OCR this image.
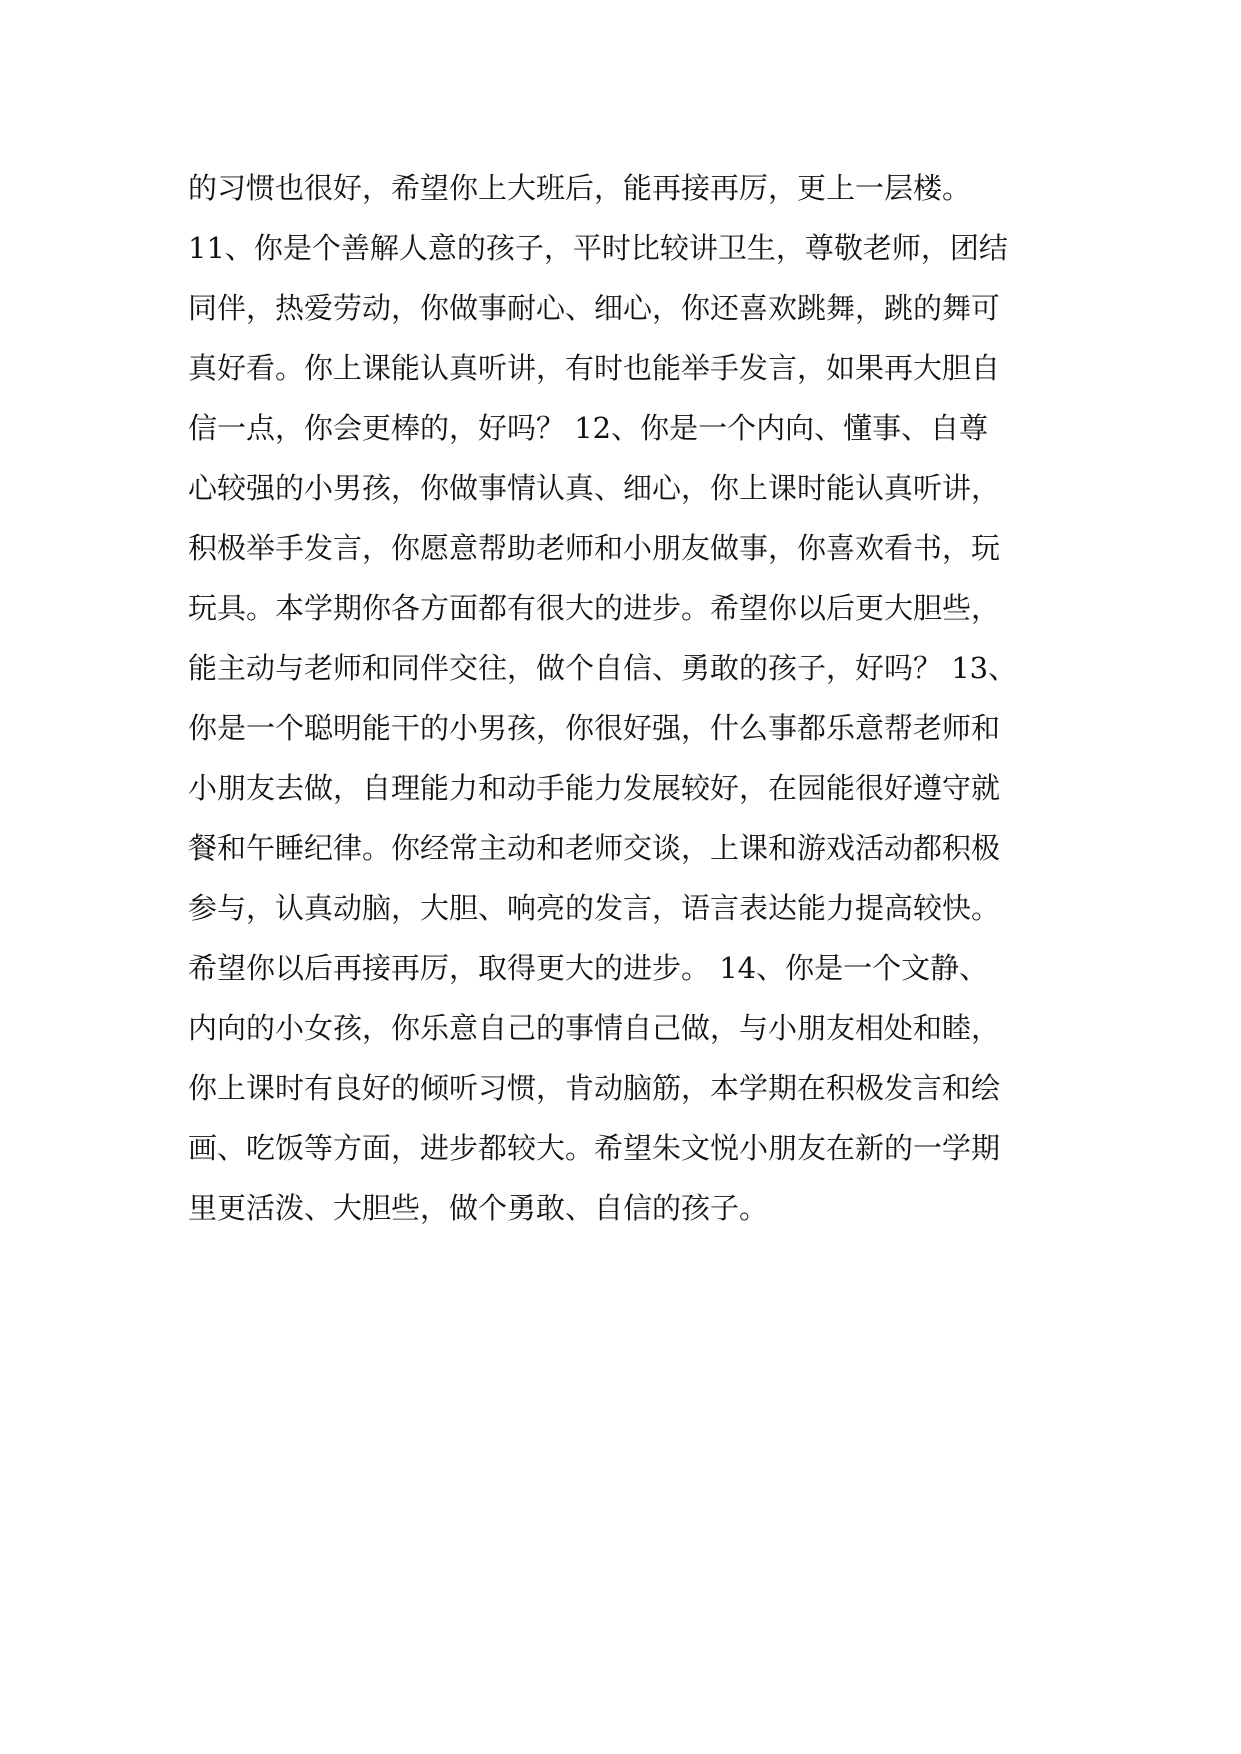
的习惯也很好，希望你上大班后，能再接再厉，更上一层楼。
11、你是个善解人意的孩子，平时比较讲卫生，尊敬老师，团结
同伴，热爱劳动，你做事耐心、细心，你还喜欢跳舞，跳的舞可
真好看。你上课能认真听讲，有时也能举手发言，如果再大胆自
信一点，你会更棒的，好吗？ 12、你是一个内向、懂事、自尊
心较强的小男孩，你做事情认真、细心，你上课时能认真听讲，
积极举手发言，你愿意帮助老师和小朋友做事，你喜欢看书，玩
玩具。本学期你各方面都有很大的进步。希望你以后更大胆些，
能主动与老师和同伴交往，做个自信、勇敢的孩子，好吗？ 13、
你是一个聪明能干的小男孩，你很好强，什么事都乐意帮老师和
小朋友去做，自理能力和动手能力发展较好，在园能很好遵守就
餐和午睡纪律。你经常主动和老师交谈，上课和游戏活动都积极
参与，认真动脑，大胆、响亮的发言，语言表达能力提高较快。
希望你以后再接再厉，取得更大的进步。 14、你是一个文静、
内向的小女孩，你乐意自己的事情自己做，与小朋友相处和睦，
你上课时有良好的倾听习惯，肯动脑筋，本学期在积极发言和绘
画、吃饭等方面，进步都较大。希望朱文悦小朋友在新的一学期
里更活泼、大胆些，做个勇敢、自信的孩子。
